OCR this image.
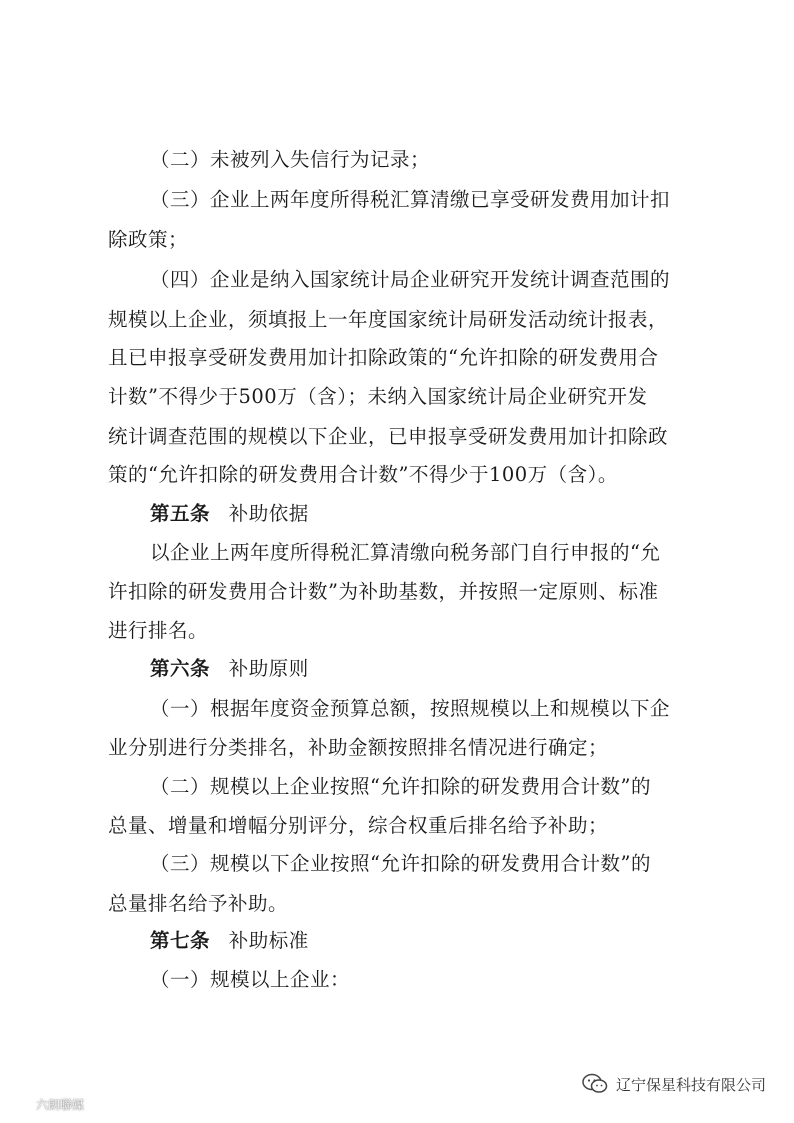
（二）未被列入失信行为记录；
（三）企业上两年度所得税汇算清缴已享受研发费用加计扣
除政策；
（四）企业是纳入国家统计局企业研究开发统计调查范围的
规模以上企业，须填报上一年度国家统计局研发活动统计报表，
且已申报享受研发费用加计扣除政策的“允许扣除的研发费用合
计数”不得少于500万（含）；未纳入国家统计局企业研究开发
统计调查范围的规模以下企业，已申报享受研发费用加计扣除政
策的“允许扣除的研发费用合计数”不得少于100万（含）。
第五条 补助依据
以企业上两年度所得税汇算清缴向税务部门自行申报的“允
许扣除的研发费用合计数”为补助基数，并按照一定原则、标准
进行排名。
第六条 补助原则
（一）根据年度资金预算总额，按照规模以上和规模以下企
业分别进行分类排名，补助金额按照排名情况进行确定；
（二）规模以上企业按照“允许扣除的研发费用合计数”的
总量、增量和增幅分别评分，综合权重后排名给予补助；
（三）规模以下企业按照“允许扣除的研发费用合计数”的
总量排名给予补助。
第七条 补助标准
（一）规模以上企业：
辽宁保星科技有限公司
六朗聯媒
